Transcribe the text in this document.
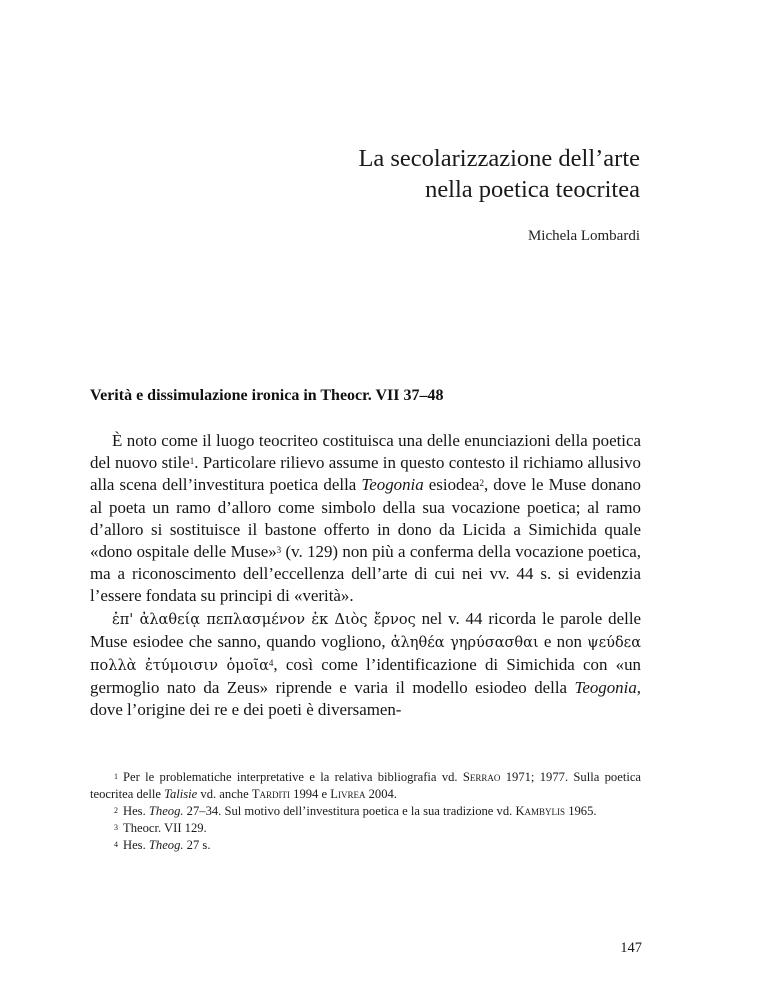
La secolarizzazione dell’arte
nella poetica teocritea
Michela Lombardi
Verità e dissimulazione ironica in Theocr. VII 37–48

È noto come il luogo teocriteo costituisca una delle enunciazioni della poetica del nuovo stile$^1$. Particolare rilievo assume in questo contesto il richiamo allusivo alla scena dell’investitura poetica della Teogonia esiodea$^2$, dove le Muse donano al poeta un ramo d’alloro come simbolo della sua vocazione poetica; al ramo d’alloro si sostituisce il bastone offerto in dono da Licida a Simichida quale «dono ospitale delle Muse»$^3$ (v. 129) non più a conferma della vocazione poetica, ma a riconoscimento dell’eccellenza dell’arte di cui nei vv. 44 s. si evidenzia l’essere fondata su principi di «verità».

ἐπ' ἀλαθείᾳ πεπλασμένον ἐκ Διὸς ἔρνος nel v. 44 ricorda le parole delle Muse esiodee che sanno, quando vogliono, ἀληθέα γηρύσασθαι e non ψεύδεα πολλὰ ἐτύμοισιν ὁμοῖα$^4$, così come l’identificazione di Simichida con «un germoglio nato da Zeus» riprende e varia il modello esiodeo della Teogonia, dove l’origine dei re e dei poeti è diversamen-

$^1$ Per le problematiche interpretative e la relativa bibliografia vd. Serrao 1971; 1977. Sulla poetica teocritea delle Talisie vd. anche Tarditi 1994 e Livrea 2004.

$^2$ Hes. Theog. 27–34. Sul motivo dell’investitura poetica e la sua tradizione vd. Kambylis 1965.

$^3$ Theocr. VII 129.

$^4$ Hes. Theog. 27 s.

147
